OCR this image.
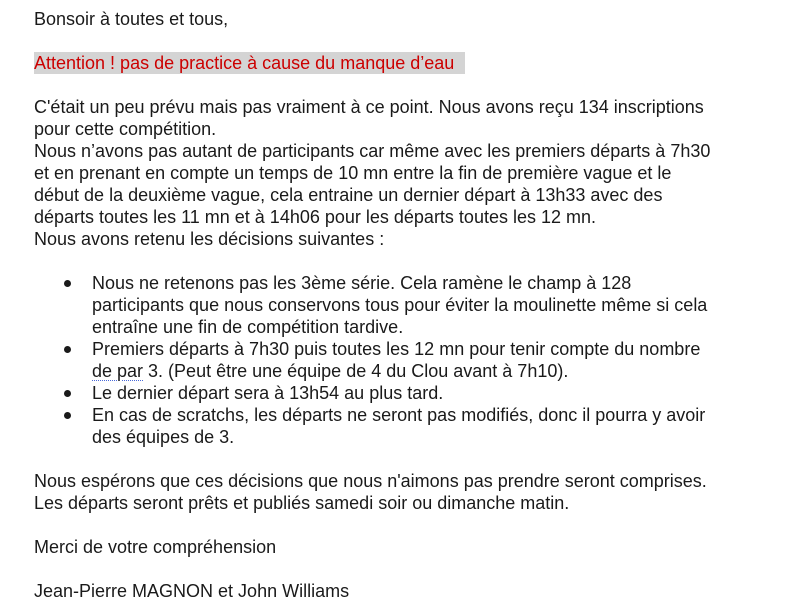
Bonsoir à toutes et tous,
Attention ! pas de practice à cause du manque d’eau
C'était un peu prévu mais pas vraiment à ce point. Nous avons reçu 134 inscriptions
pour cette compétition.
Nous n’avons pas autant de participants car même avec les premiers départs à 7h30
et en prenant en compte un temps de 10 mn entre la fin de première vague et le
début de la deuxième vague, cela entraine un dernier départ à 13h33 avec des
départs toutes les 11 mn et à 14h06 pour les départs toutes les 12 mn.
Nous avons retenu les décisions suivantes :
Nous ne retenons pas les 3ème série. Cela ramène le champ à 128
participants que nous conservons tous pour éviter la moulinette même si cela
entraîne une fin de compétition tardive.
Premiers départs à 7h30 puis toutes les 12 mn pour tenir compte du nombre
de par 3. (Peut être une équipe de 4 du Clou avant à 7h10).
Le dernier départ sera à 13h54 au plus tard.
En cas de scratchs, les départs ne seront pas modifiés, donc il pourra y avoir
des équipes de 3.
Nous espérons que ces décisions que nous n'aimons pas prendre seront comprises.
Les départs seront prêts et publiés samedi soir ou dimanche matin.
Merci de votre compréhension
Jean-Pierre MAGNON et John Williams
